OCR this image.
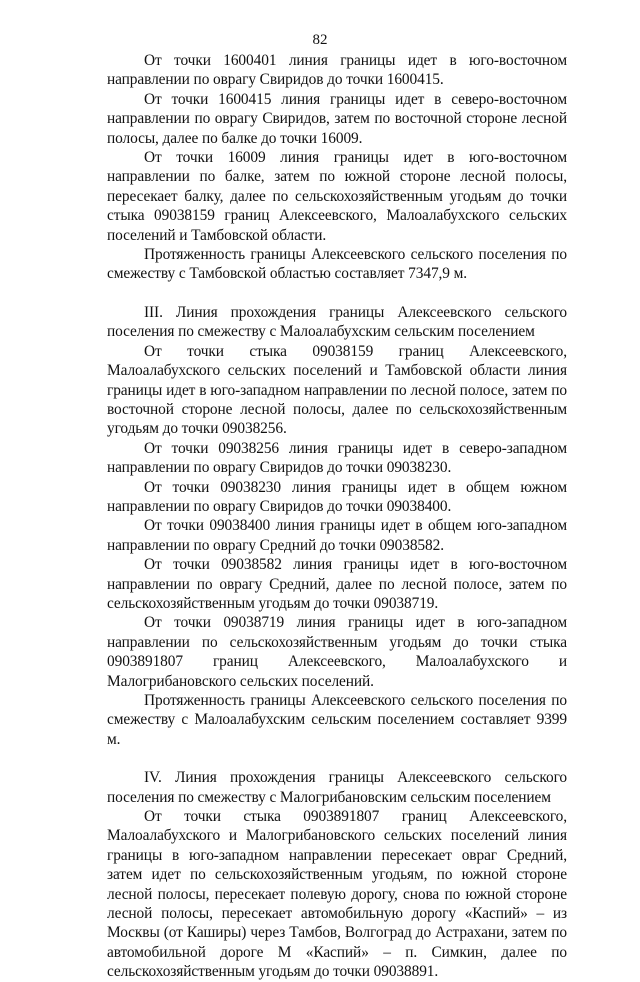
82

От точки 1600401 линия границы идет в юго-восточном направлении по оврагу Свиридов до точки 1600415.

От точки 1600415 линия границы идет в северо-восточном направлении по оврагу Свиридов, затем по восточной стороне лесной полосы, далее по балке до точки 16009.

От точки 16009 линия границы идет в юго-восточном направлении по балке, затем по южной стороне лесной полосы, пересекает балку, далее по сельскохозяйственным угодьям до точки стыка 09038159 границ Алексеевского, Малоалабухского сельских поселений и Тамбовской области.

Протяженность границы Алексеевского сельского поселения по смежеству с Тамбовской областью составляет 7347,9 м.

III. Линия прохождения границы Алексеевского сельского поселения по смежеству с Малоалабухским сельским поселением

От точки стыка 09038159 границ Алексеевского, Малоалабухского сельских поселений и Тамбовской области линия границы идет в юго-западном направлении по лесной полосе, затем по восточной стороне лесной полосы, далее по сельскохозяйственным угодьям до точки 09038256.

От точки 09038256 линия границы идет в северо-западном направлении по оврагу Свиридов до точки 09038230.

От точки 09038230 линия границы идет в общем южном направлении по оврагу Свиридов до точки 09038400.

От точки 09038400 линия границы идет в общем юго-западном направлении по оврагу Средний до точки 09038582.

От точки 09038582 линия границы идет в юго-восточном направлении по оврагу Средний, далее по лесной полосе, затем по сельскохозяйственным угодьям до точки 09038719.

От точки 09038719 линия границы идет в юго-западном направлении по сельскохозяйственным угодьям до точки стыка 0903891807 границ Алексеевского, Малоалабухского и Малогрибановского сельских поселений.

Протяженность границы Алексеевского сельского поселения по смежеству с Малоалабухским сельским поселением составляет 9399 м.

IV. Линия прохождения границы Алексеевского сельского поселения по смежеству с Малогрибановским сельским поселением

От точки стыка 0903891807 границ Алексеевского, Малоалабухского и Малогрибановского сельских поселений линия границы в юго-западном направлении пересекает овраг Средний, затем идет по сельскохозяйственным угодьям, по южной стороне лесной полосы, пересекает полевую дорогу, снова по южной стороне лесной полосы, пересекает автомобильную дорогу «Каспий» – из Москвы (от Каширы) через Тамбов, Волгоград до Астрахани, затем по автомобильной дороге М «Каспий» – п. Симкин, далее по сельскохозяйственным угодьям до точки 09038891.
